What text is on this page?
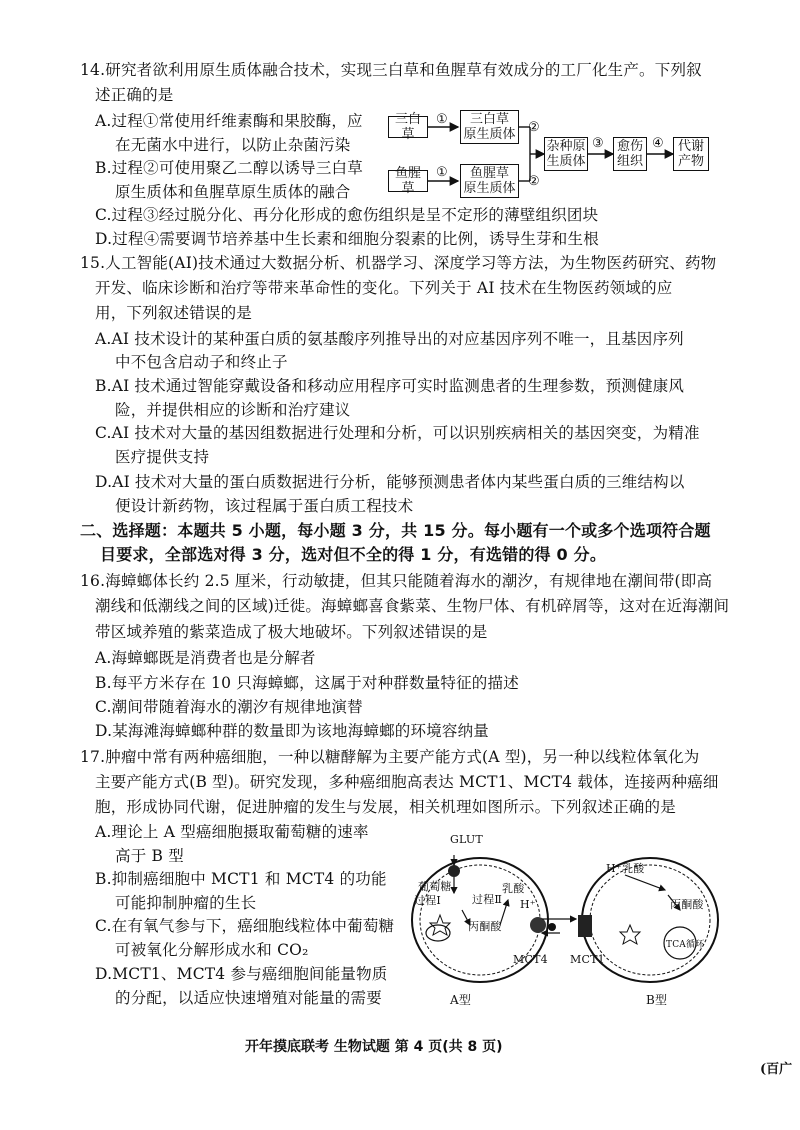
14.研究者欲利用原生质体融合技术，实现三白草和鱼腥草有效成分的工厂化生产。下列叙
述正确的是
A.过程①常使用纤维素酶和果胶酶，应
在无菌水中进行，以防止杂菌污染
B.过程②可使用聚乙二醇以诱导三白草
原生质体和鱼腥草原生质体的融合
C.过程③经过脱分化、再分化形成的愈伤组织是呈不定形的薄壁组织团块
D.过程④需要调节培养基中生长素和细胞分裂素的比例，诱导生芽和生根
三白草
鱼腥草
①
①
三白草
原生质体
鱼腥草
原生质体
②
②
杂种原
生质体
③ 愈伤
组织
④ 代谢
产物
15.人工智能(AI)技术通过大数据分析、机器学习、深度学习等方法，为生物医药研究、药物
开发、临床诊断和治疗等带来革命性的变化。下列关于 AI 技术在生物医药领域的应
用，下列叙述错误的是
A.AI 技术设计的某种蛋白质的氨基酸序列推导出的对应基因序列不唯一，且基因序列
中不包含启动子和终止子
B.AI 技术通过智能穿戴设备和移动应用程序可实时监测患者的生理参数，预测健康风
险，并提供相应的诊断和治疗建议
C.AI 技术对大量的基因组数据进行处理和分析，可以识别疾病相关的基因突变，为精准
医疗提供支持
D.AI 技术对大量的蛋白质数据进行分析，能够预测患者体内某些蛋白质的三维结构以
便设计新药物，该过程属于蛋白质工程技术
二、选择题：本题共 5 小题，每小题 3 分，共 15 分。每小题有一个或多个选项符合题
目要求，全部选对得 3 分，选对但不全的得 1 分，有选错的得 0 分。
16.海蟑螂体长约 2.5 厘米，行动敏捷，但其只能随着海水的潮汐，有规律地在潮间带(即高
潮线和低潮线之间的区域)迁徙。海蟑螂喜食紫菜、生物尸体、有机碎屑等，这对在近海潮间
带区域养殖的紫菜造成了极大地破坏。下列叙述错误的是
A.海蟑螂既是消费者也是分解者
B.每平方米存在 10 只海蟑螂，这属于对种群数量特征的描述
C.潮间带随着海水的潮汐有规律地演替
D.某海滩海蟑螂种群的数量即为该地海蟑螂的环境容纳量
17.肿瘤中常有两种癌细胞，一种以糖酵解为主要产能方式(A 型)，另一种以线粒体氧化为
主要产能方式(B 型)。研究发现，多种癌细胞高表达 MCT1、MCT4 载体，连接两种癌细
胞，形成协同代谢，促进肿瘤的发生与发展，相关机理如图所示。下列叙述正确的是
A.理论上 A 型癌细胞摄取葡萄糖的速率
高于 B 型
B.抑制癌细胞中 MCT1 和 MCT4 的功能
可能抑制肿瘤的生长
C.在有氧气参与下，癌细胞线粒体中葡萄糖
可被氧化分解形成水和 CO₂
D.MCT1、MCT4 参与癌细胞间能量物质
的分配，以适应快速增殖对能量的需要
GLUT
葡萄糖
过程Ⅰ	过程Ⅱ
乳酸
H⁺
丙酮酸
MCT4 MCT1
H⁺ 乳酸
丙酮酸
TCA循环
A型	B型
开年摸底联考 生物试题 第 4 页(共 8 页)
(百广
